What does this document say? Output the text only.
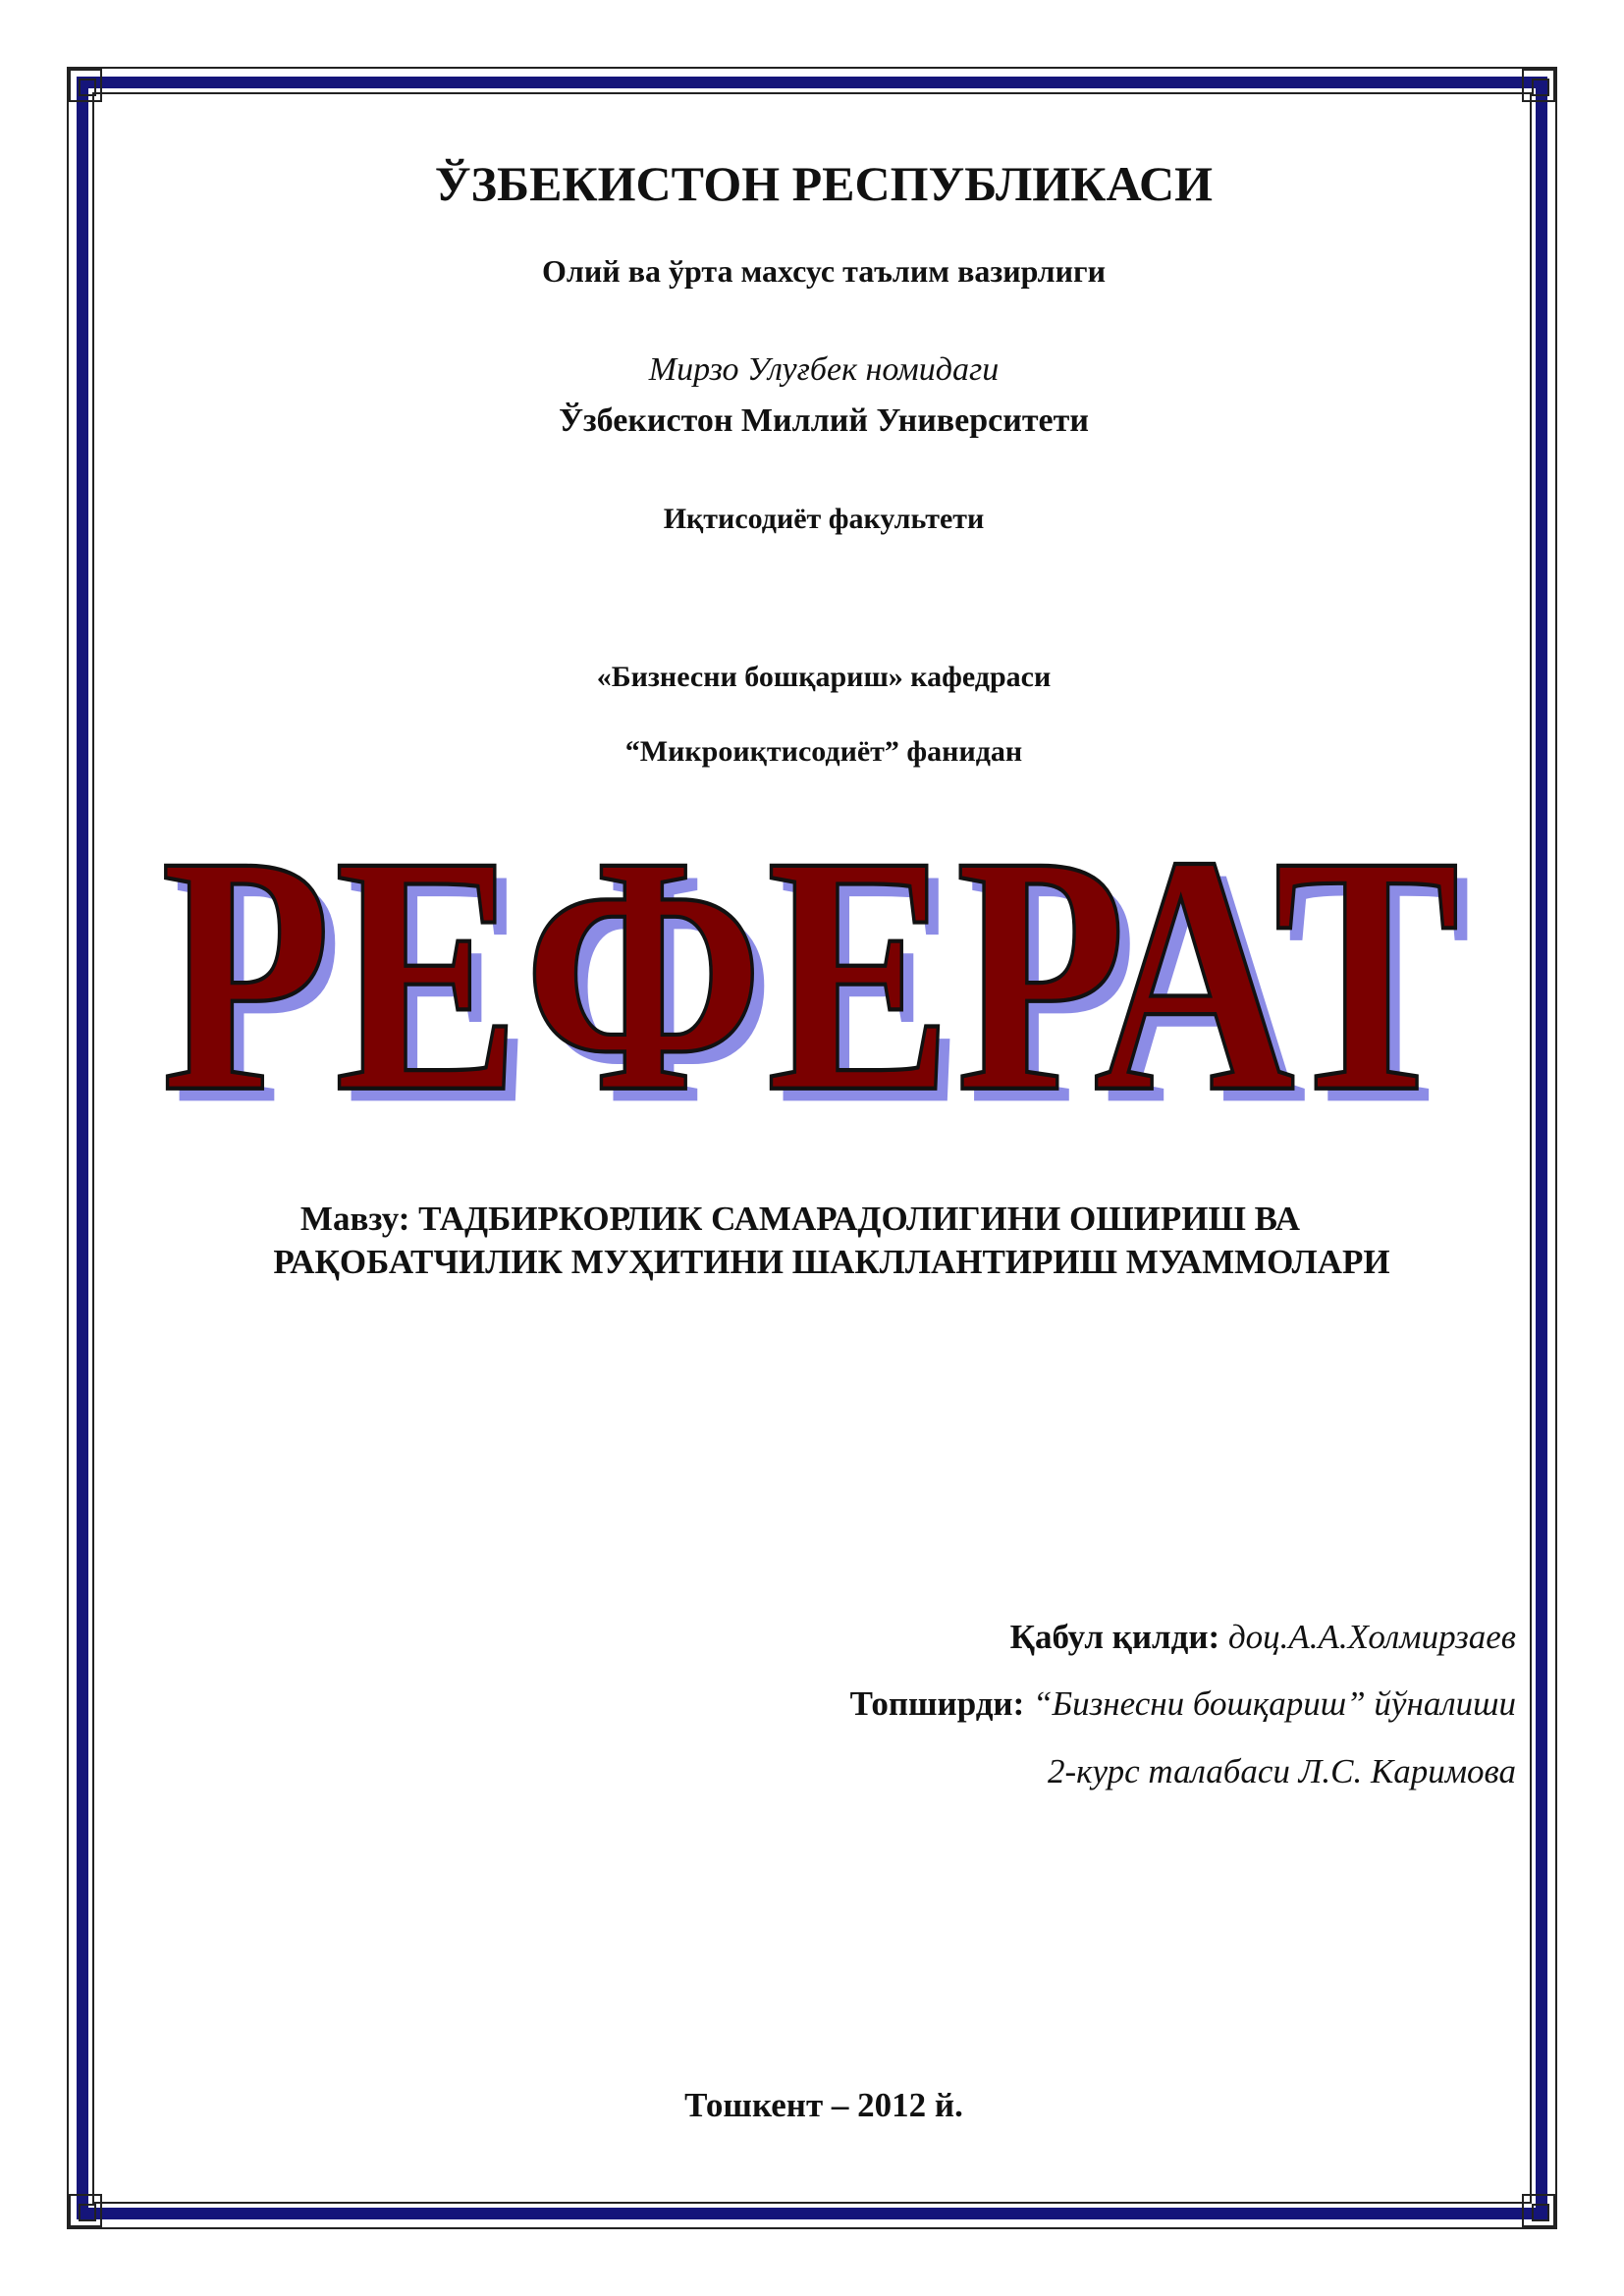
ЎЗБЕКИСТОН РЕСПУБЛИКАСИ
Олий ва ўрта махсус таълим вазирлиги
Мирзо Улуғбек номидаги
Ўзбекистон Миллий Университети
Иқтисодиёт факультети
«Бизнесни бошқариш» кафедраси
“Микроиқтисодиёт” фанидан
РЕФЕРАТ
Мавзу: ТАДБИРКОРЛИК САМАРАДОЛИГИНИ ОШИРИШ ВА
РАҚОБАТЧИЛИК МУҲИТИНИ ШАКЛЛАНТИРИШ МУАММОЛАРИ
Қабул қилди: доц.А.А.Холмирзаев
Топширди: “Бизнесни бошқариш” йўналиши
2-курс талабаси Л.С. Каримова
Тошкент – 2012 й.
